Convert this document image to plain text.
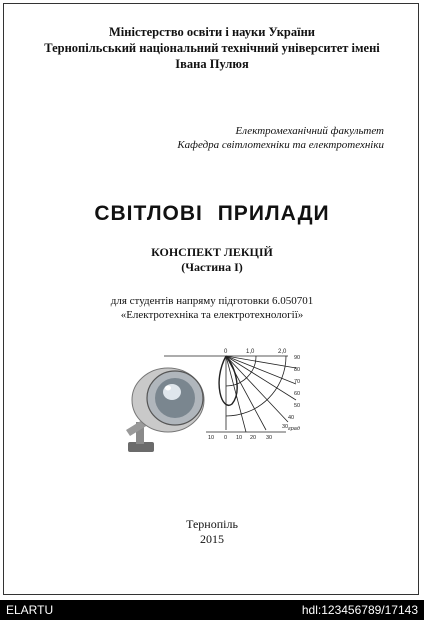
Міністерство освіти і науки України
Тернопільський національний технічний університет імені
Івана Пулюя
Електромеханічний факультет
Кафедра світлотехніки та електротехніки
СВІТЛОВІ ПРИЛАДИ
КОНСПЕКТ ЛЕКЦІЙ
(Частина І)
для студентів напряму підготовки 6.050701
«Електротехніка та електротехнології»
0	1,0	2,0
90
80
70
60
50
40
30 град
10 0 10 20 30
Тернопіль
2015
ELARTU	hdl:123456789/17143
